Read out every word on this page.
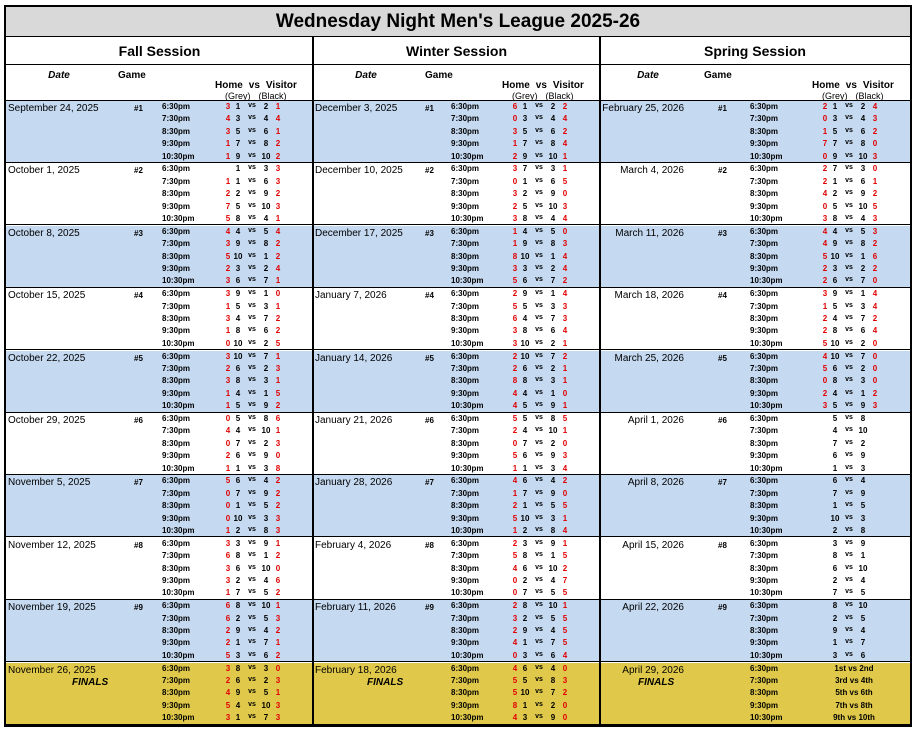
Wednesday Night Men's League 2025-26
Fall Session
Date	Game
Home vs Visitor
(Grey) (Black)
September 24, 2025	#1 6:30pm	3 1	vs 2 1
7:30pm	4 3	vs 4 4
8:30pm	3 5	vs 6 1
9:30pm	1 7	vs 8 2
10:30pm	1 9	vs 10 2
October 1, 2025	#2 6:30pm	1	vs 3 3
7:30pm	1 1	vs 6 3
8:30pm	2 2	vs 9 2
9:30pm	7 5	vs 10 3
10:30pm	5 8	vs 4 1
October 8, 2025	#3 6:30pm	4 4	vs 5 4
7:30pm	3 9	vs 8 2
8:30pm	5 10 vs 1 2
9:30pm	2 3	vs 2 4
10:30pm	3 6	vs 7 1
October 15, 2025	#4 6:30pm	3 9	vs 1 0
7:30pm	1 5	vs 3 1
8:30pm	3 4	vs 7 2
9:30pm	1 8	vs 6 2
10:30pm	0 10 vs 2 5
October 22, 2025	#5 6:30pm	3 10 vs 7 1
7:30pm	2 6	vs 2 3
8:30pm	3 8	vs 3 1
9:30pm	1 4	vs 1 5
10:30pm	1 5	vs 9 2
October 29, 2025	#6 6:30pm	0 5	vs 8 6
7:30pm	4 4	vs 10 1
8:30pm	0 7	vs 2 3
9:30pm	2 6	vs 9 0
10:30pm	1 1	vs 3 8
November 5, 2025	#7 6:30pm	5 6	vs 4 2
7:30pm	0 7	vs 9 2
8:30pm	0 1	vs 5 2
9:30pm	0 10 vs 3 3
10:30pm	1 2	vs 8 3
November 12, 2025	#8 6:30pm	3 3	vs 9 1
7:30pm	6 8	vs 1 2
8:30pm	3 6	vs 10 0
9:30pm	3 2	vs 4 6
10:30pm	1 7	vs 5 2
November 19, 2025	#9 6:30pm	6 8	vs 10 1
7:30pm	6 2	vs 5 3
8:30pm	2 9	vs 4 2
9:30pm	2 1	vs 7 1
10:30pm	5 3	vs 6 2
November 26, 2025
FINALS
6:30pm	3 8	vs 3 0
7:30pm	2 6	vs 2 3
8:30pm	4 9	vs 5 1
9:30pm	5 4	vs 10 3
10:30pm	3 1	vs 7 3
Winter Session
Date	Game
Home vs Visitor
(Grey) (Black)
December 3, 2025	#1 6:30pm	6 1	vs 2 2
7:30pm	0 3	vs 4 4
8:30pm	3 5	vs 6 2
9:30pm	1 7	vs 8 4
10:30pm	2 9	vs 10 1
December 10, 2025	#2 6:30pm	3 7	vs 3 1
7:30pm	0 1	vs 6 5
8:30pm	3 2	vs 9 0
9:30pm	2 5	vs 10 3
10:30pm	3 8	vs 4 4
December 17, 2025	#3 6:30pm	1 4	vs 5 0
7:30pm	1 9	vs 8 3
8:30pm	8 10 vs 1 4
9:30pm	3 3	vs 2 4
10:30pm	5 6	vs 7 2
January 7, 2026	#4 6:30pm	2 9	vs 1 4
7:30pm	5 5	vs 3 3
8:30pm	6 4	vs 7 3
9:30pm	3 8	vs 6 4
10:30pm	3 10 vs 2 1
January 14, 2026	#5 6:30pm	2 10 vs 7 2
7:30pm	2 6	vs 2 1
8:30pm	8 8	vs 3 1
9:30pm	4 4	vs 1 0
10:30pm	4 5	vs 9 1
January 21, 2026	#6 6:30pm	5 5	vs 8 5
7:30pm	2 4	vs 10 1
8:30pm	0 7	vs 2 0
9:30pm	5 6	vs 9 3
10:30pm	1 1	vs 3 4
January 28, 2026	#7 6:30pm	4 6	vs 4 2
7:30pm	1 7	vs 9 0
8:30pm	2 1	vs 5 5
9:30pm	5 10 vs 3 1
10:30pm	1 2	vs 8 4
February 4, 2026	#8 6:30pm	2 3	vs 9 1
7:30pm	5 8	vs 1 5
8:30pm	4 6	vs 10 2
9:30pm	0 2	vs 4 7
10:30pm	0 7	vs 5 5
February 11, 2026	#9 6:30pm	2 8	vs 10 1
7:30pm	3 2	vs 5 5
8:30pm	2 9	vs 4 5
9:30pm	4 1	vs 7 5
10:30pm	0 3	vs 6 4
February 18, 2026
FINALS
6:30pm	4 6	vs 4 0
7:30pm	5 5	vs 8 3
8:30pm	5 10 vs 7 2
9:30pm	8 1	vs 2 0
10:30pm	4 3	vs 9 0
Spring Session
Date	Game
Home vs Visitor
(Grey) (Black)
February 25, 2026	#1	6:30pm	2 1	vs 2 4
7:30pm	0 3	vs 4 3
8:30pm	1 5	vs 6 2
9:30pm	7 7	vs 8 0
10:30pm	0 9	vs 10 3
March 4, 2026	#2	6:30pm	2 7	vs 3 0
7:30pm	2 1	vs 6 1
8:30pm	4 2	vs 9 2
9:30pm	0 5	vs 10 5
10:30pm	3 8	vs 4 3
March 11, 2026	#3	6:30pm	4 4	vs 5 3
7:30pm	4 9	vs 8 2
8:30pm	5 10 vs 1 6
9:30pm	2 3	vs 2 2
10:30pm	2 6	vs 7 0
March 18, 2026	#4	6:30pm	3 9	vs 1 4
7:30pm	1 5	vs 3 4
8:30pm	2 4	vs 7 2
9:30pm	2 8	vs 6 4
10:30pm	5 10 vs 2 0
March 25, 2026	#5	6:30pm	4 10 vs 7 0
7:30pm	5 6	vs 2 0
8:30pm	0 8	vs 3 0
9:30pm	2 4	vs 1 2
10:30pm	3 5	vs 9 3
April 1, 2026	#6	6:30pm	5	vs 8
7:30pm	4	vs 10
8:30pm	7	vs 2
9:30pm	6	vs 9
10:30pm	1	vs 3
April 8, 2026	#7	6:30pm	6	vs 4
7:30pm	7	vs 9
8:30pm	1	vs 5
9:30pm	10 vs 3
10:30pm	2	vs 8
April 15, 2026	#8	6:30pm	3	vs 9
7:30pm	8	vs 1
8:30pm	6	vs 10
9:30pm	2	vs 4
10:30pm	7	vs 5
April 22, 2026	#9	6:30pm	8	vs 10
7:30pm	2	vs 5
8:30pm	9	vs 4
9:30pm	1	vs 7
10:30pm	3	vs 6
April 29, 2026
FINALS
6:30pm	1st vs 2nd
7:30pm	3rd vs 4th
8:30pm	5th vs 6th
9:30pm	7th vs 8th
10:30pm	9th vs 10th
